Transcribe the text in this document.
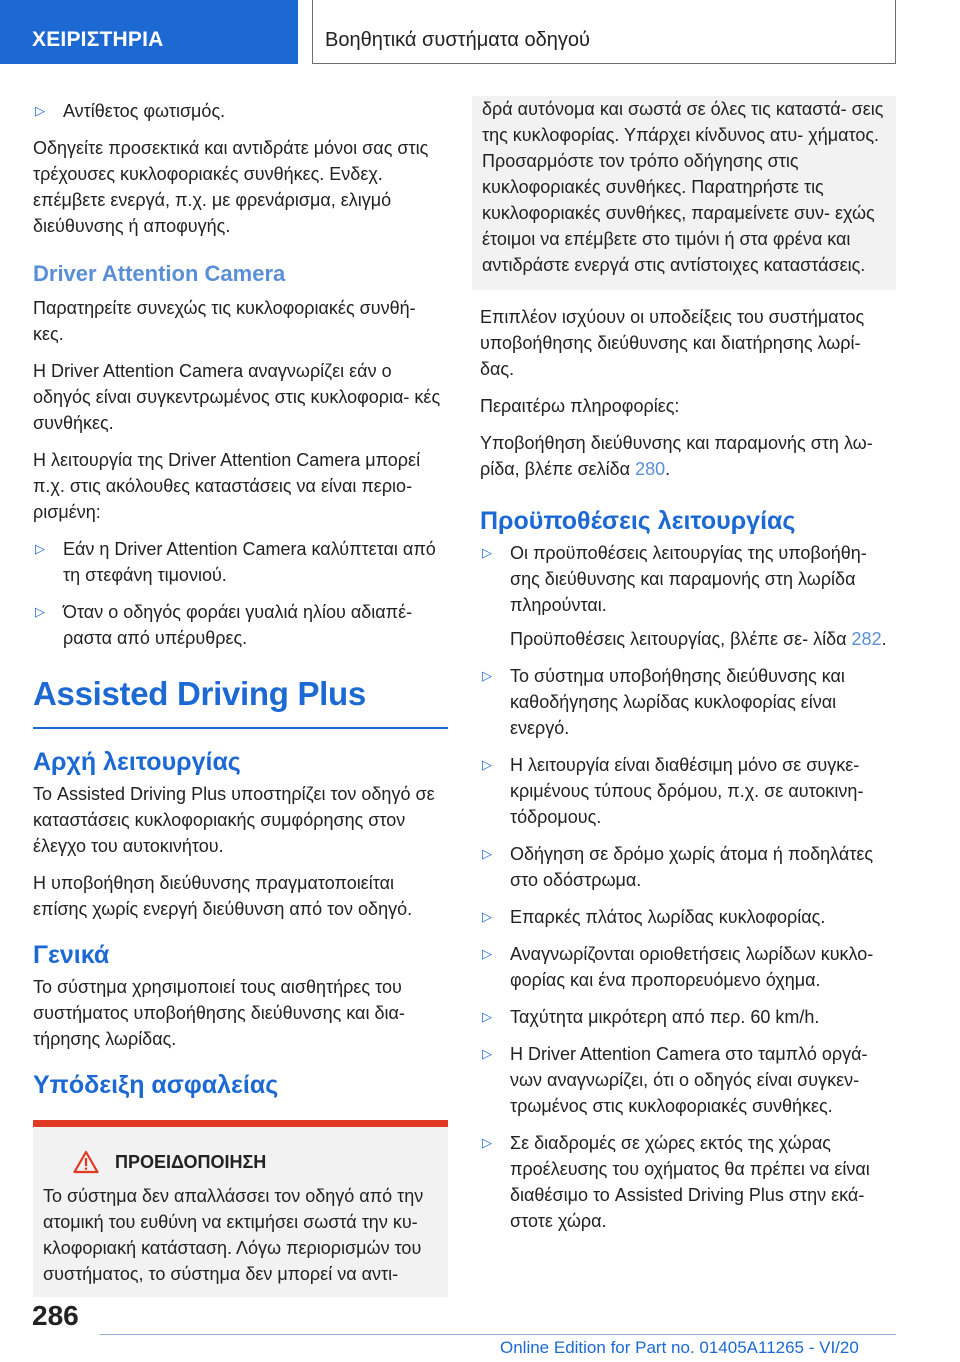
ΧΕΙΡΙΣΤΗΡΙΑ	Βοηθητικά συστήματα οδηγού
▷ Αντίθετος φωτισμός.

Οδηγείτε προσεκτικά και αντιδράτε μόνοι σας στις τρέχουσες κυκλοφοριακές συνθήκες. Ενδεχ. επέμβετε ενεργά, π.χ. με φρενάρισμα, ελιγμό διεύθυνσης ή αποφυγής.

Driver Attention Camera

Παρατηρείτε συνεχώς τις κυκλοφοριακές συνθή- κες.

Η Driver Attention Camera αναγνωρίζει εάν ο οδηγός είναι συγκεντρωμένος στις κυκλοφορια- κές συνθήκες.

Η λειτουργία της Driver Attention Camera μπορεί π.χ. στις ακόλουθες καταστάσεις να είναι περιο- ρισμένη:

▷ Εάν η Driver Attention Camera καλύπτεται από τη στεφάνη τιμονιού.
▷ Όταν ο οδηγός φοράει γυαλιά ηλίου αδιαπέ- ραστα από υπέρυθρες.
Assisted Driving Plus
Αρχή λειτουργίας

Το Assisted Driving Plus υποστηρίζει τον οδηγό σε καταστάσεις κυκλοφοριακής συμφόρησης στον έλεγχο του αυτοκινήτου.

Η υποβοήθηση διεύθυνσης πραγματοποιείται επίσης χωρίς ενεργή διεύθυνση από τον οδηγό.

Γενικά

Το σύστημα χρησιμοποιεί τους αισθητήρες του συστήματος υποβοήθησης διεύθυνσης και δια- τήρησης λωρίδας.

Υπόδειξη ασφαλείας
ΠΡΟΕΙΔΟΠΟΙΗΣΗ
Το σύστημα δεν απαλλάσσει τον οδηγό από την ατομική του ευθύνη να εκτιμήσει σωστά την κυ- κλοφοριακή κατάσταση. Λόγω περιορισμών του συστήματος, το σύστημα δεν μπορεί να αντι-
δρά αυτόνομα και σωστά σε όλες τις καταστά- σεις της κυκλοφορίας. Υπάρχει κίνδυνος ατυ- χήματος. Προσαρμόστε τον τρόπο οδήγησης στις κυκλοφοριακές συνθήκες. Παρατηρήστε τις κυκλοφοριακές συνθήκες, παραμείνετε συν- εχώς έτοιμοι να επέμβετε στο τιμόνι ή στα φρένα και αντιδράστε ενεργά στις αντίστοιχες καταστάσεις.

Επιπλέον ισχύουν οι υποδείξεις του συστήματος υποβοήθησης διεύθυνσης και διατήρησης λωρί- δας.

Περαιτέρω πληροφορίες:

Υποβοήθηση διεύθυνσης και παραμονής στη λω- ρίδα, βλέπε σελίδα 280.

Προϋποθέσεις λειτουργίας
▷ Οι προϋποθέσεις λειτουργίας της υποβοήθη- σης διεύθυνσης και παραμονής στη λωρίδα πληρούνται.
Προϋποθέσεις λειτουργίας, βλέπε σε- λίδα 282.
▷ Το σύστημα υποβοήθησης διεύθυνσης και καθοδήγησης λωρίδας κυκλοφορίας είναι ενεργό.
▷ Η λειτουργία είναι διαθέσιμη μόνο σε συγκε- κριμένους τύπους δρόμου, π.χ. σε αυτοκινη- τόδρομους.
▷ Οδήγηση σε δρόμο χωρίς άτομα ή ποδηλάτες στο οδόστρωμα.
▷ Επαρκές πλάτος λωρίδας κυκλοφορίας.
▷ Αναγνωρίζονται οριοθετήσεις λωρίδων κυκλο- φορίας και ένα προπορευόμενο όχημα.
▷ Ταχύτητα μικρότερη από περ. 60 km/h.
▷ Η Driver Attention Camera στο ταμπλό οργά- νων αναγνωρίζει, ότι ο οδηγός είναι συγκεν- τρωμένος στις κυκλοφοριακές συνθήκες.
▷ Σε διαδρομές σε χώρες εκτός της χώρας προέλευσης του οχήματος θα πρέπει να είναι διαθέσιμο το Assisted Driving Plus στην εκά- στοτε χώρα.
286
Online Edition for Part no. 01405A11265 - VI/20
